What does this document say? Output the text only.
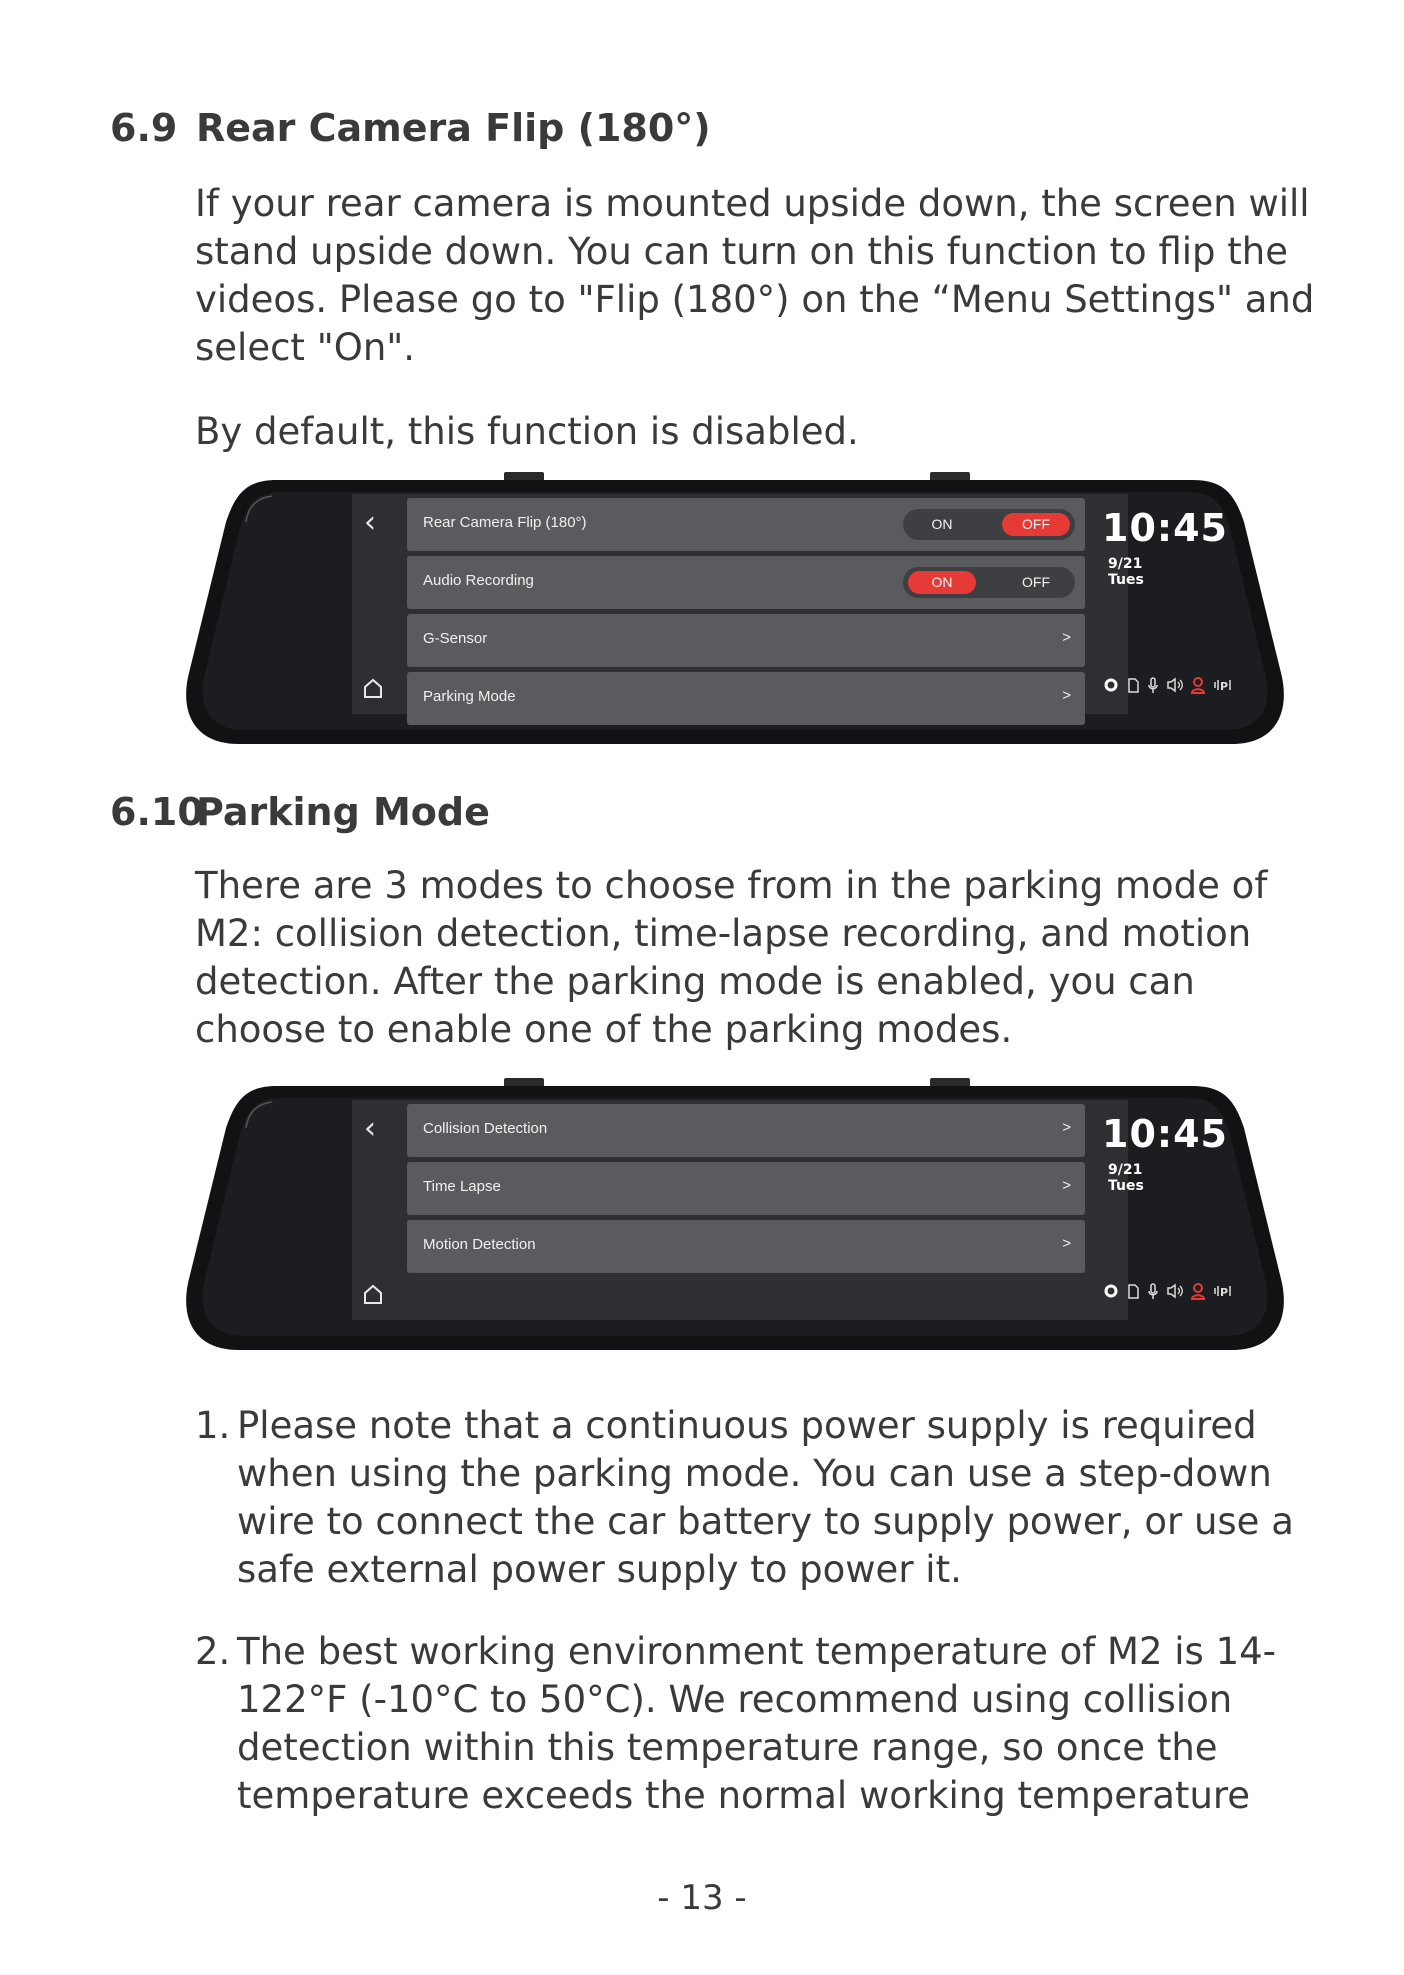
6.9 Rear Camera Flip (180°)

If your rear camera is mounted upside down, the screen will stand upside down. You can turn on this function to flip the videos. Please go to "Flip (180°) on the “Menu Settings" and select "On".

By default, this function is disabled.

‹	Rear Camera Flip (180°)	ON	OFF
Audio Recording	ON	OFF
G-Sensor	>
Parking Mode	>
10:45
9/21 Tues
P
6.10Parking Mode

There are 3 modes to choose from in the parking mode of M2: collision detection, time-lapse recording, and motion detection. After the parking mode is enabled, you can choose to enable one of the parking modes.

‹	Collision Detection	>
Time Lapse	>
Motion Detection	>
10:45
9/21 Tues
P
1. Please note that a continuous power supply is required when using the parking mode. You can use a step-down wire to connect the car battery to supply power, or use a safe external power supply to power it.
2. The best working environment temperature of M2 is 14-122°F (-10°C to 50°C). We recommend using collision detection within this temperature range, so once the temperature exceeds the normal working temperature

- 13 -
